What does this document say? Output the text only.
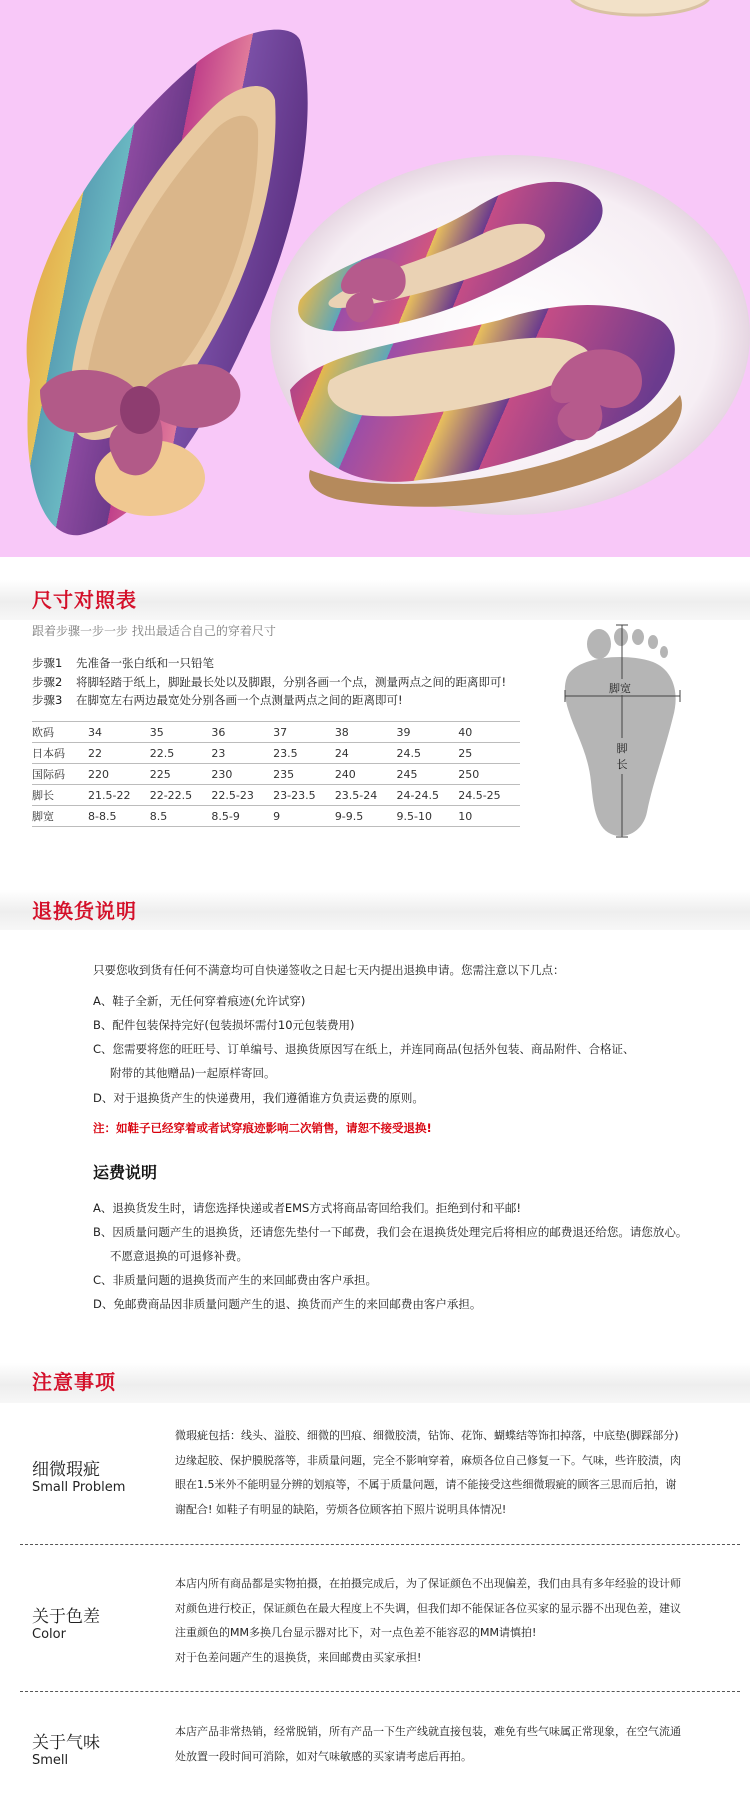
尺寸对照表
跟着步骤一步一步 找出最适合自己的穿着尺寸
步骤1 先准备一张白纸和一只铅笔
步骤2 将脚轻踏于纸上，脚趾最长处以及脚跟，分别各画一个点，测量两点之间的距离即可!
步骤3 在脚宽左右两边最宽处分别各画一个点测量两点之间的距离即可!
欧码	34	35	36	37	38	39	40
日本码	22	22.5	23	23.5	24	24.5	25
国际码	220	225	230	235	240	245	250
脚长	21.5-22	22-22.5	22.5-23	23-23.5	23.5-24	24-24.5	24.5-25
脚宽	8-8.5	8.5	8.5-9	9	9-9.5	9.5-10	10
脚宽
脚
长
退换货说明
只要您收到货有任何不满意均可自快递签收之日起七天内提出退换申请。您需注意以下几点：
A、鞋子全新，无任何穿着痕迹(允许试穿)
B、配件包装保持完好(包装损坏需付10元包装费用)
C、您需要将您的旺旺号、订单编号、退换货原因写在纸上，并连同商品(包括外包装、商品附件、合格证、
附带的其他赠品)一起原样寄回。
D、对于退换货产生的快递费用，我们遵循谁方负责运费的原则。
注：如鞋子已经穿着或者试穿痕迹影响二次销售，请恕不接受退换!
运费说明
A、退换货发生时，请您选择快递或者EMS方式将商品寄回给我们。拒绝到付和平邮!
B、因质量问题产生的退换货，还请您先垫付一下邮费，我们会在退换货处理完后将相应的邮费退还给您。请您放心。
不愿意退换的可退修补费。
C、非质量问题的退换货而产生的来回邮费由客户承担。
D、免邮费商品因非质量问题产生的退、换货而产生的来回邮费由客户承担。
注意事项
细微瑕疵
Small Problem
微瑕疵包括：线头、溢胶、细微的凹痕、细微胶渍，钻饰、花饰、蝴蝶结等饰扣掉落，中底垫(脚踩部分)
边缘起胶、保护膜脱落等，非质量问题，完全不影响穿着，麻烦各位自己修复一下。气味，些许胶渍，肉
眼在1.5米外不能明显分辨的划痕等，不属于质量问题，请不能接受这些细微瑕疵的顾客三思而后拍，谢
谢配合! 如鞋子有明显的缺陷，劳烦各位顾客拍下照片说明具体情况!
关于色差
Color
本店内所有商品都是实物拍摄，在拍摄完成后，为了保证颜色不出现偏差，我们由具有多年经验的设计师
对颜色进行校正，保证颜色在最大程度上不失调，但我们却不能保证各位买家的显示器不出现色差，建议
注重颜色的MM多换几台显示器对比下，对一点色差不能容忍的MM请慎拍!
对于色差问题产生的退换货，来回邮费由买家承担!
关于气味
Smell
本店产品非常热销，经常脱销，所有产品一下生产线就直接包装，难免有些气味属正常现象，在空气流通
处放置一段时间可消除，如对气味敏感的买家请考虑后再拍。
